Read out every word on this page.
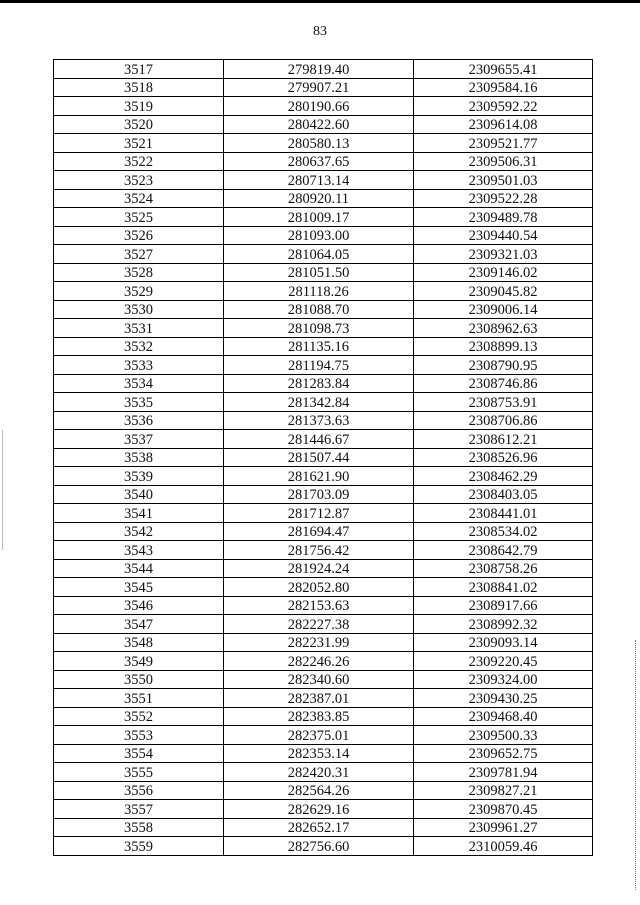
83
3517	279819.40	2309655.41
3518	279907.21	2309584.16
3519	280190.66	2309592.22
3520	280422.60	2309614.08
3521	280580.13	2309521.77
3522	280637.65	2309506.31
3523	280713.14	2309501.03
3524	280920.11	2309522.28
3525	281009.17	2309489.78
3526	281093.00	2309440.54
3527	281064.05	2309321.03
3528	281051.50	2309146.02
3529	281118.26	2309045.82
3530	281088.70	2309006.14
3531	281098.73	2308962.63
3532	281135.16	2308899.13
3533	281194.75	2308790.95
3534	281283.84	2308746.86
3535	281342.84	2308753.91
3536	281373.63	2308706.86
3537	281446.67	2308612.21
3538	281507.44	2308526.96
3539	281621.90	2308462.29
3540	281703.09	2308403.05
3541	281712.87	2308441.01
3542	281694.47	2308534.02
3543	281756.42	2308642.79
3544	281924.24	2308758.26
3545	282052.80	2308841.02
3546	282153.63	2308917.66
3547	282227.38	2308992.32
3548	282231.99	2309093.14
3549	282246.26	2309220.45
3550	282340.60	2309324.00
3551	282387.01	2309430.25
3552	282383.85	2309468.40
3553	282375.01	2309500.33
3554	282353.14	2309652.75
3555	282420.31	2309781.94
3556	282564.26	2309827.21
3557	282629.16	2309870.45
3558	282652.17	2309961.27
3559	282756.60	2310059.46
